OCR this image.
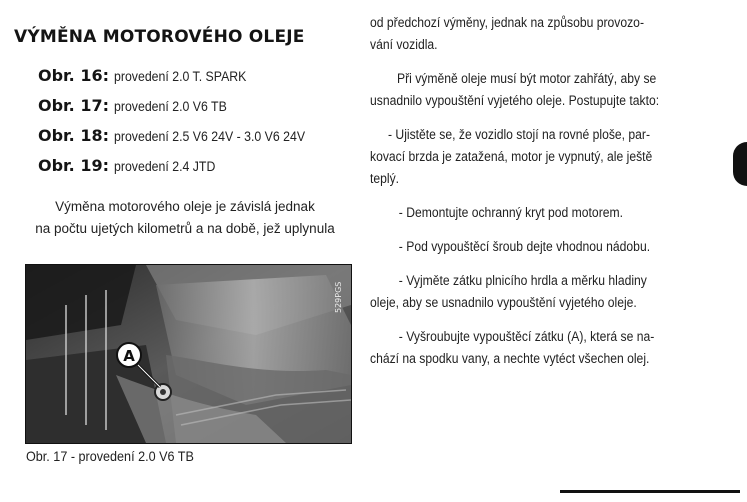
VÝMĚNA MOTOROVÉHO OLEJE
Obr. 16: provedení 2.0 T. SPARK
Obr. 17: provedení 2.0 V6 TB
Obr. 18: provedení 2.5 V6 24V - 3.0 V6 24V
Obr. 19: provedení 2.4 JTD
Výměna motorového oleje je závislá jednak
na počtu ujetých kilometrů a na době, jež uplynula
A
529PGS
Obr. 17 - provedení 2.0 V6 TB
od předchozí výměny, jednak na způsobu provozo-
vání vozidla.
Při výměně oleje musí být motor zahřátý, aby se
usnadnilo vypouštění vyjetého oleje. Postupujte takto:
- Ujistěte se, že vozidlo stojí na rovné ploše, par-
kovací brzda je zatažená, motor je vypnutý, ale ještě
teplý.
- Demontujte ochranný kryt pod motorem.
- Pod vypouštěcí šroub dejte vhodnou nádobu.
- Vyjměte zátku plnicího hrdla a měrku hladiny
oleje, aby se usnadnilo vypouštění vyjetého oleje.
- Vyšroubujte vypouštěcí zátku (A), která se na-
chází na spodku vany, a nechte vytéct všechen olej.
